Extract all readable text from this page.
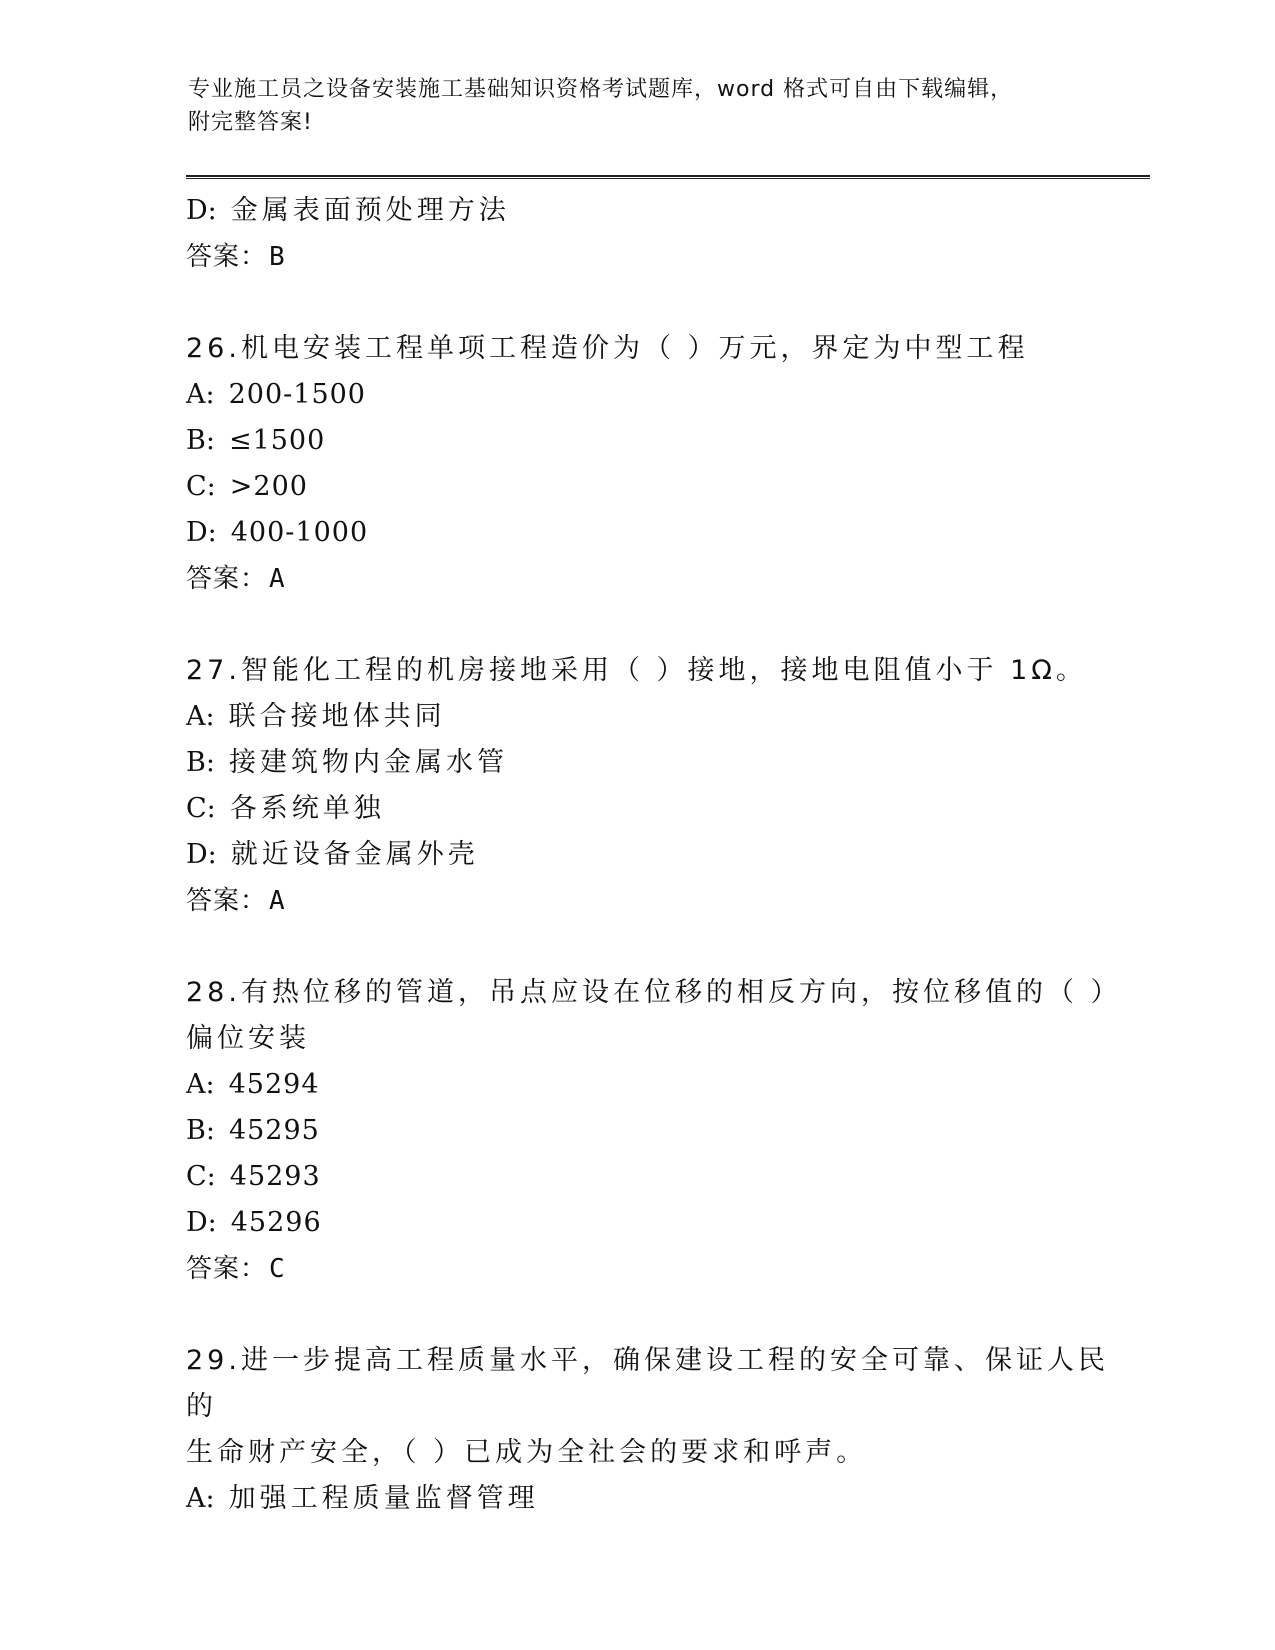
专业施工员之设备安装施工基础知识资格考试题库，word 格式可自由下载编辑，
附完整答案!
D: 金属表面预处理方法
答案：B
26.机电安装工程单项工程造价为（ ）万元，界定为中型工程
A: 200-1500
B: ≤1500
C: >200
D: 400-1000
答案：A
27.智能化工程的机房接地采用（ ）接地，接地电阻值小于 1Ω。
A: 联合接地体共同
B: 接建筑物内金属水管
C: 各系统单独
D: 就近设备金属外壳
答案：A
28.有热位移的管道，吊点应设在位移的相反方向，按位移值的（ ）
偏位安装
A: 45294
B: 45295
C: 45293
D: 45296
答案：C
29.进一步提高工程质量水平，确保建设工程的安全可靠、保证人民的
生命财产安全，（ ）已成为全社会的要求和呼声。
A: 加强工程质量监督管理
